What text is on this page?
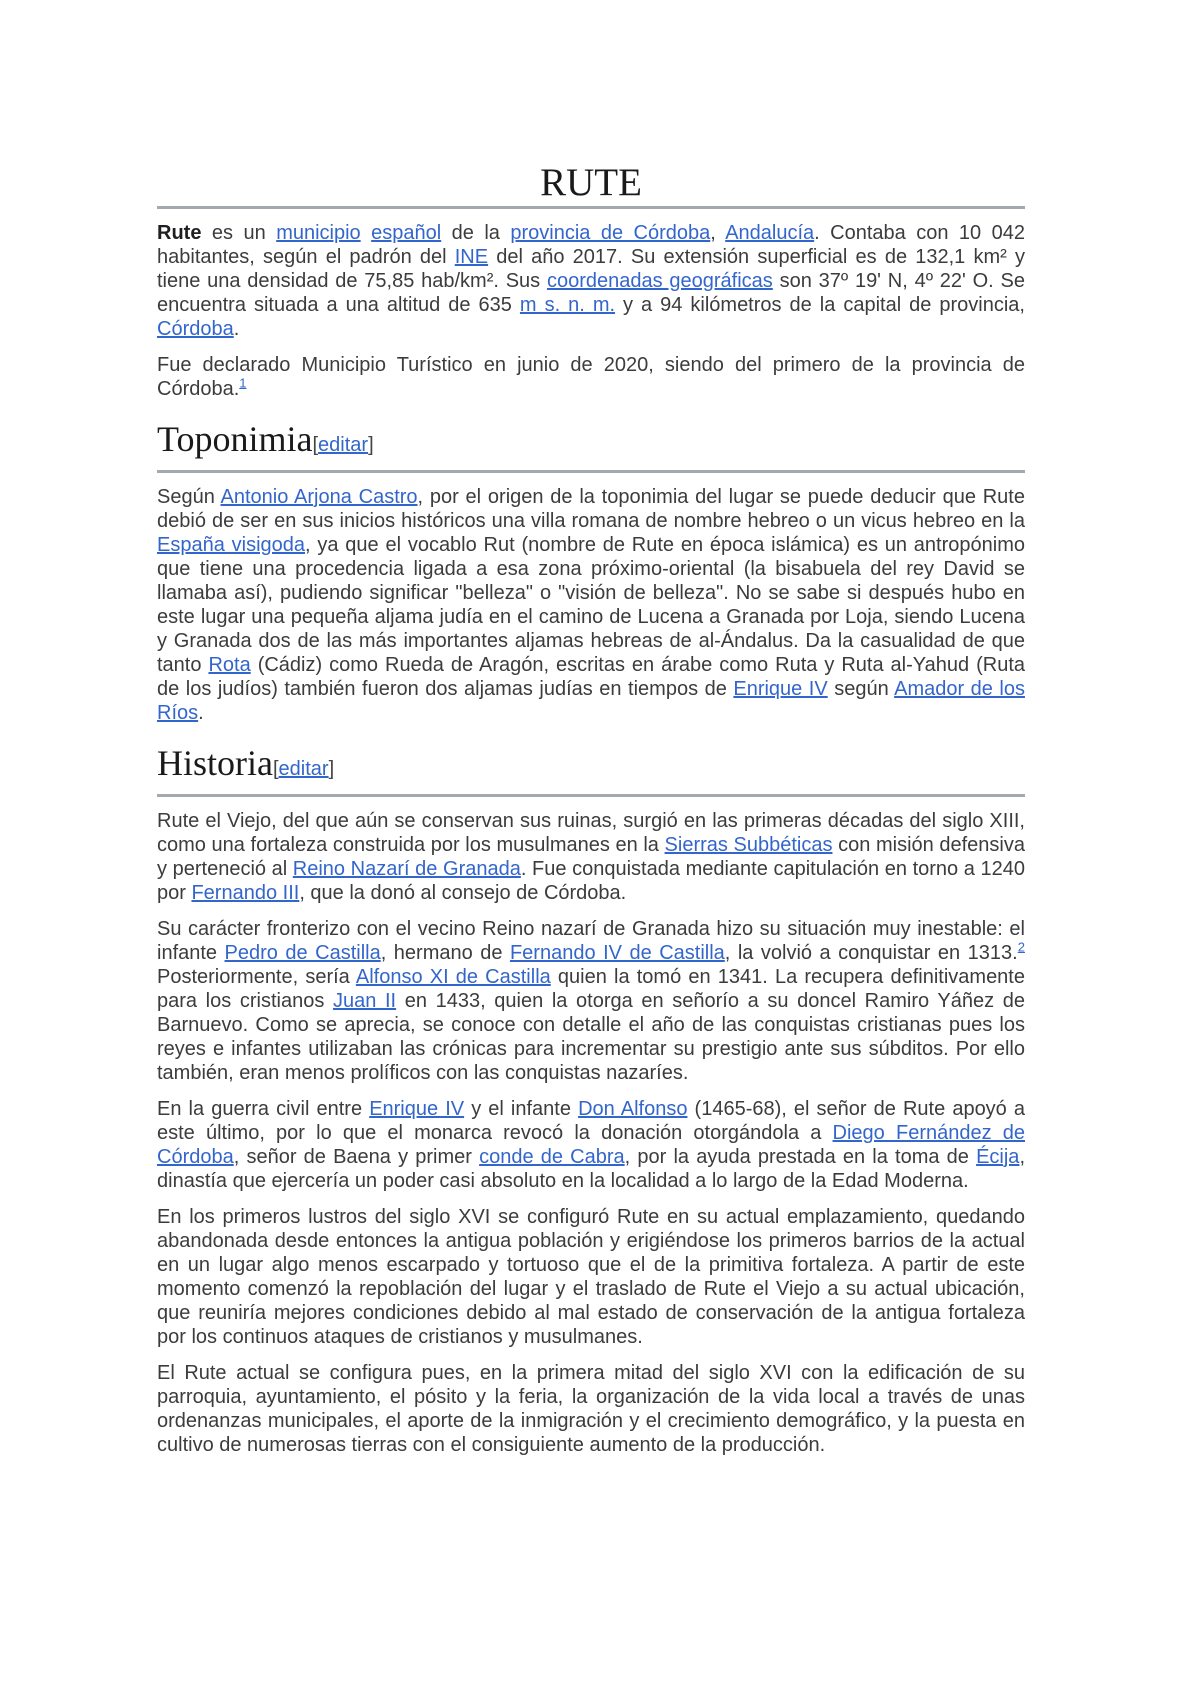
RUTE

Rute es un municipio español de la provincia de Córdoba, Andalucía. Contaba con 10 042 habitantes, según el padrón del INE del año 2017. Su extensión superficial es de 132,1 km² y tiene una densidad de 75,85 hab/km². Sus coordenadas geográficas son 37º 19' N, 4º 22' O. Se encuentra situada a una altitud de 635 m s. n. m. y a 94 kilómetros de la capital de provincia, Córdoba.

Fue declarado Municipio Turístico en junio de 2020, siendo del primero de la provincia de Córdoba.$^1$

Toponimia[editar]

Según Antonio Arjona Castro, por el origen de la toponimia del lugar se puede deducir que Rute debió de ser en sus inicios históricos una villa romana de nombre hebreo o un vicus hebreo en la España visigoda, ya que el vocablo Rut (nombre de Rute en época islámica) es un antropónimo que tiene una procedencia ligada a esa zona próximo-oriental (la bisabuela del rey David se llamaba así), pudiendo significar "belleza" o "visión de belleza". No se sabe si después hubo en este lugar una pequeña aljama judía en el camino de Lucena a Granada por Loja, siendo Lucena y Granada dos de las más importantes aljamas hebreas de al-Ándalus. Da la casualidad de que tanto Rota (Cádiz) como Rueda de Aragón, escritas en árabe como Ruta y Ruta al-Yahud (Ruta de los judíos) también fueron dos aljamas judías en tiempos de Enrique IV según Amador de los Ríos.

Historia[editar]

Rute el Viejo, del que aún se conservan sus ruinas, surgió en las primeras décadas del siglo XIII, como una fortaleza construida por los musulmanes en la Sierras Subbéticas con misión defensiva y perteneció al Reino Nazarí de Granada. Fue conquistada mediante capitulación en torno a 1240 por Fernando III, que la donó al consejo de Córdoba.

Su carácter fronterizo con el vecino Reino nazarí de Granada hizo su situación muy inestable: el infante Pedro de Castilla, hermano de Fernando IV de Castilla, la volvió a conquistar en 1313.$^2$ Posteriormente, sería Alfonso XI de Castilla quien la tomó en 1341. La recupera definitivamente para los cristianos Juan II en 1433, quien la otorga en señorío a su doncel Ramiro Yáñez de Barnuevo. Como se aprecia, se conoce con detalle el año de las conquistas cristianas pues los reyes e infantes utilizaban las crónicas para incrementar su prestigio ante sus súbditos. Por ello también, eran menos prolíficos con las conquistas nazaríes.

En la guerra civil entre Enrique IV y el infante Don Alfonso (1465-68), el señor de Rute apoyó a este último, por lo que el monarca revocó la donación otorgándola a Diego Fernández de Córdoba, señor de Baena y primer conde de Cabra, por la ayuda prestada en la toma de Écija, dinastía que ejercería un poder casi absoluto en la localidad a lo largo de la Edad Moderna.

En los primeros lustros del siglo XVI se configuró Rute en su actual emplazamiento, quedando abandonada desde entonces la antigua población y erigiéndose los primeros barrios de la actual en un lugar algo menos escarpado y tortuoso que el de la primitiva fortaleza. A partir de este momento comenzó la repoblación del lugar y el traslado de Rute el Viejo a su actual ubicación, que reuniría mejores condiciones debido al mal estado de conservación de la antigua fortaleza por los continuos ataques de cristianos y musulmanes.

El Rute actual se configura pues, en la primera mitad del siglo XVI con la edificación de su parroquia, ayuntamiento, el pósito y la feria, la organización de la vida local a través de unas ordenanzas municipales, el aporte de la inmigración y el crecimiento demográfico, y la puesta en cultivo de numerosas tierras con el consiguiente aumento de la producción.
